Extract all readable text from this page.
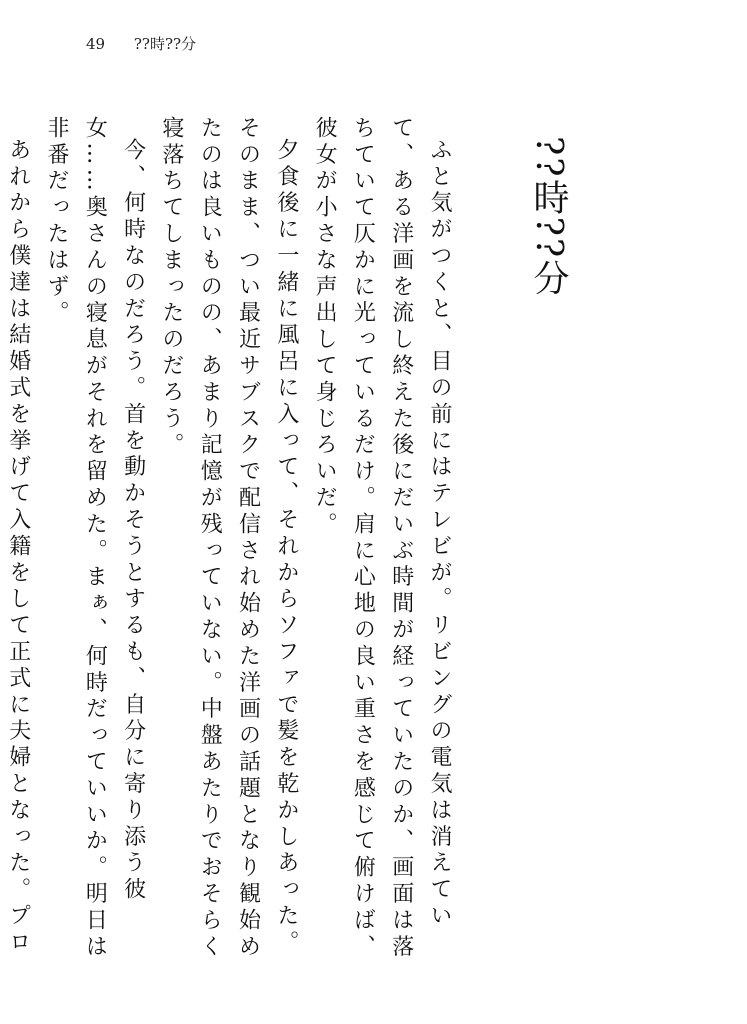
49 ??時??分
??時??分

ふと気がつくと、目の前にはテレビが。リビングの電気は消えていて、ある洋画を流し終えた後にだいぶ時間が経っていたのか、画面は落ちていて仄かに光っているだけ。肩に心地の良い重さを感じて俯けば、彼女が小さな声出して身じろいだ。

夕食後に一緒に風呂に入って、それからソファで髪を乾かしあった。そのまま、つい最近サブスクで配信され始めた洋画の話題となり観始めたのは良いものの、あまり記憶が残っていない。中盤あたりでおそらく寝落ちてしまったのだろう。

今、何時なのだろう。首を動かそうとするも、自分に寄り添う彼女……奥さんの寝息がそれを留めた。まぁ、何時だっていいか。明日は非番だったはず。

あれから僕達は結婚式を挙げて入籍をして正式に夫婦となった。プロ　
